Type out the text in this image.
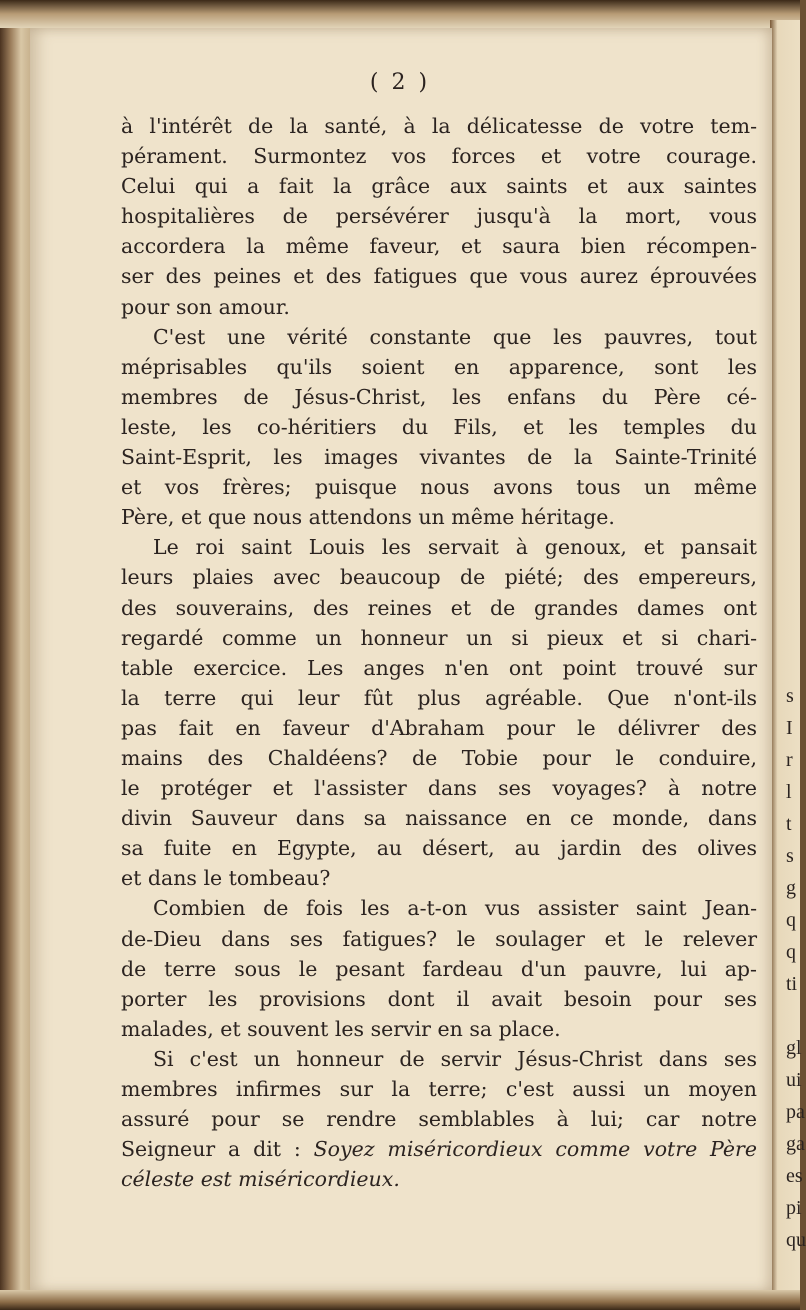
s
I
r
l
t
s
g
q
q
ti
gl
ui
pa
ga
es
pi
qu
( 2 )
à l'intérêt de la santé, à la délicatesse de votre tem-
pérament. Surmontez vos forces et votre courage.
Celui qui a fait la grâce aux saints et aux saintes
hospitalières de persévérer jusqu'à la mort, vous
accordera la même faveur, et saura bien récompen-
ser des peines et des fatigues que vous aurez éprouvées
pour son amour.
C'est une vérité constante que les pauvres, tout
méprisables qu'ils soient en apparence, sont les
membres de Jésus-Christ, les enfans du Père cé-
leste, les co-héritiers du Fils, et les temples du
Saint-Esprit, les images vivantes de la Sainte-Trinité
et vos frères; puisque nous avons tous un même
Père, et que nous attendons un même héritage.
Le roi saint Louis les servait à genoux, et pansait
leurs plaies avec beaucoup de piété; des empereurs,
des souverains, des reines et de grandes dames ont
regardé comme un honneur un si pieux et si chari-
table exercice. Les anges n'en ont point trouvé sur
la terre qui leur fût plus agréable. Que n'ont-ils
pas fait en faveur d'Abraham pour le délivrer des
mains des Chaldéens? de Tobie pour le conduire,
le protéger et l'assister dans ses voyages? à notre
divin Sauveur dans sa naissance en ce monde, dans
sa fuite en Egypte, au désert, au jardin des olives
et dans le tombeau?
Combien de fois les a-t-on vus assister saint Jean-
de-Dieu dans ses fatigues? le soulager et le relever
de terre sous le pesant fardeau d'un pauvre, lui ap-
porter les provisions dont il avait besoin pour ses
malades, et souvent les servir en sa place.
Si c'est un honneur de servir Jésus-Christ dans ses
membres infirmes sur la terre; c'est aussi un moyen
assuré pour se rendre semblables à lui; car notre
Seigneur a dit : Soyez miséricordieux comme votre Père
céleste est miséricordieux.
